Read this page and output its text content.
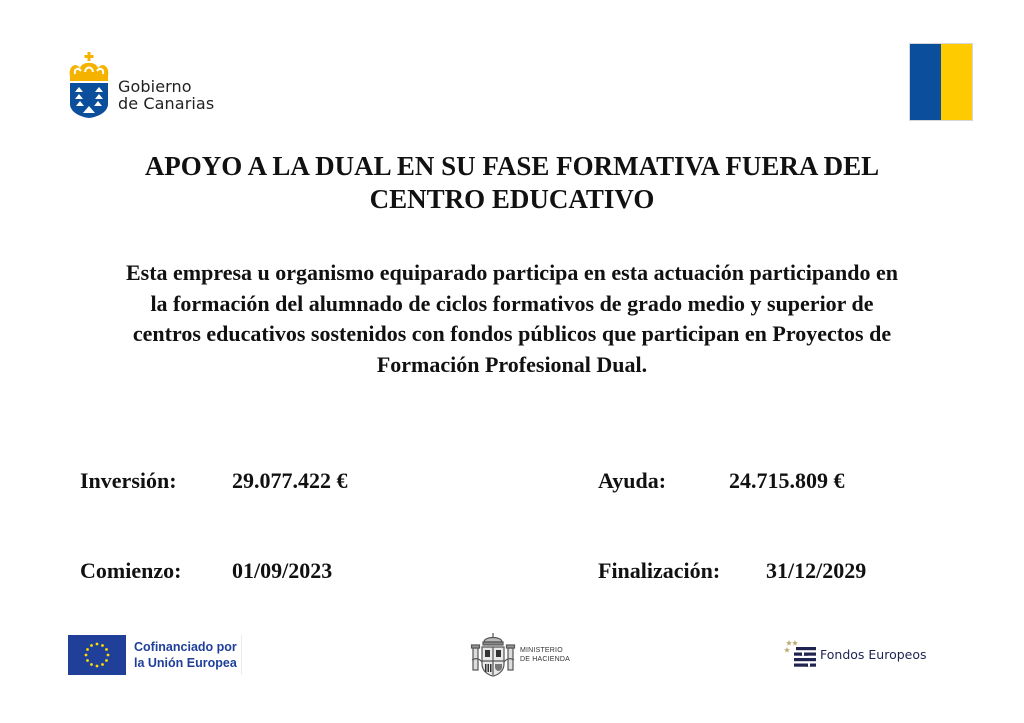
Gobierno
de Canarias
APOYO A LA DUAL EN SU FASE FORMATIVA FUERA DEL
CENTRO EDUCATIVO
Esta empresa u organismo equiparado participa en esta actuación participando en
la formación del alumnado de ciclos formativos de grado medio y superior de
centros educativos sostenidos con fondos públicos que participan en Proyectos de
Formación Profesional Dual.
Inversión:	29.077.422 €	Ayuda:	24.715.809 €
Comienzo: 01/09/2023	Finalización: 31/12/2029
Cofinanciado por
la Unión Europea
MINISTERIO
DE HACIENDA	Fondos Europeos
